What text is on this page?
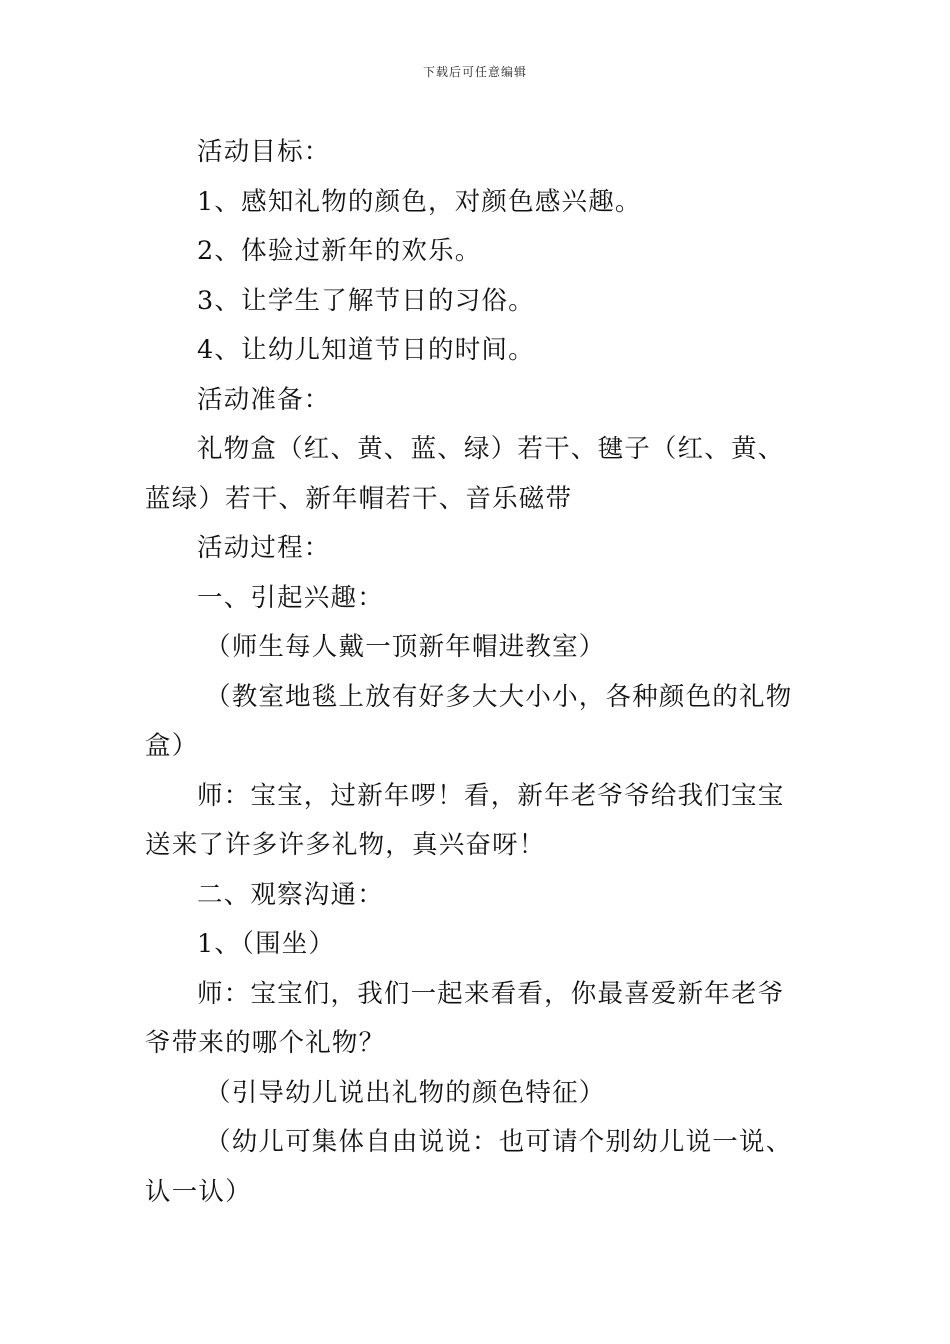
下载后可任意编辑

活动目标：

1、感知礼物的颜色，对颜色感兴趣。

2、体验过新年的欢乐。

3、让学生了解节日的习俗。

4、让幼儿知道节日的时间。

活动准备：

礼物盒（红、黄、蓝、绿）若干、毽子（红、黄、蓝绿）若干、新年帽若干、音乐磁带

活动过程：

一、引起兴趣：

（师生每人戴一顶新年帽进教室）

（教室地毯上放有好多大大小小，各种颜色的礼物盒）

师：宝宝，过新年啰！看，新年老爷爷给我们宝宝送来了许多许多礼物，真兴奋呀！

二、观察沟通：

1、（围坐）

师：宝宝们，我们一起来看看，你最喜爱新年老爷爷带来的哪个礼物？

（引导幼儿说出礼物的颜色特征）

（幼儿可集体自由说说：也可请个别幼儿说一说、认一认）
